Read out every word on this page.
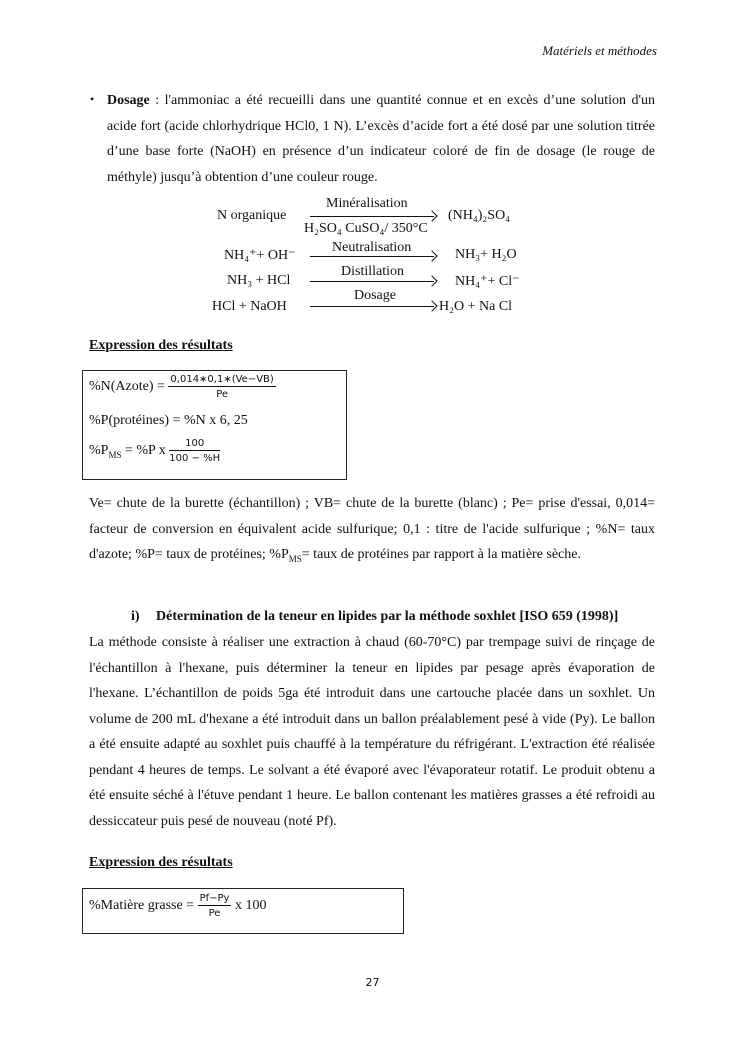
Matériels et méthodes
• Dosage : l'ammoniac a été recueilli dans une quantité connue et en excès d’une solution d'un acide fort (acide chlorhydrique HCl0, 1 N). L’excès d’acide fort a été dosé par une solution titrée d’une base forte (NaOH) en présence d’un indicateur coloré de fin de dosage (le rouge de méthyle) jusqu’à obtention d’une couleur rouge.

N organique
Minéralisation
H₂SO₄ CuSO₄/ 350°C
(NH₄)₂SO₄
NH₄⁺+ OH⁻
Neutralisation	NH₃+ H₂O
NH₃ + HCl
Distillation
NH₄⁺+ Cl⁻
HCl + NaOH
Dosage
H₂O + Na Cl
Expression des résultats
%N(Azote) = $\frac{0,014∗0,1∗(Ve-VB)}{Pe}$
%P(protéines) = %N x 6, 25
$\%P_{MS} = \%P$ x $\frac{100}{100 - \%H}$

Ve= chute de la burette (échantillon) ; VB= chute de la burette (blanc) ; Pe= prise d'essai, 0,014= facteur de conversion en équivalent acide sulfurique; 0,1 : titre de l'acide sulfurique ; %N= taux d'azote; %P= taux de protéines; $\%P_{MS}=$ taux de protéines par rapport à la matière sèche.

i) Détermination de la teneur en lipides par la méthode soxhlet [ISO 659 (1998)]

La méthode consiste à réaliser une extraction à chaud (60-70°C) par trempage suivi de rinçage de l'échantillon à l'hexane, puis déterminer la teneur en lipides par pesage après évaporation de l'hexane. L’échantillon de poids 5ga été introduit dans une cartouche placée dans un soxhlet. Un volume de 200 mL d'hexane a été introduit dans un ballon préalablement pesé à vide (Py). Le ballon a été ensuite adapté au soxhlet puis chauffé à la température du réfrigérant. L'extraction été réalisée pendant 4 heures de temps. Le solvant a été évaporé avec l'évaporateur rotatif. Le produit obtenu a été ensuite séché à l'étuve pendant 1 heure. Le ballon contenant les matières grasses a été refroidi au dessiccateur puis pesé de nouveau (noté Pf).

Expression des résultats
%Matière grasse = $\frac{Pf-Py}{Pe}$ x 100
27
